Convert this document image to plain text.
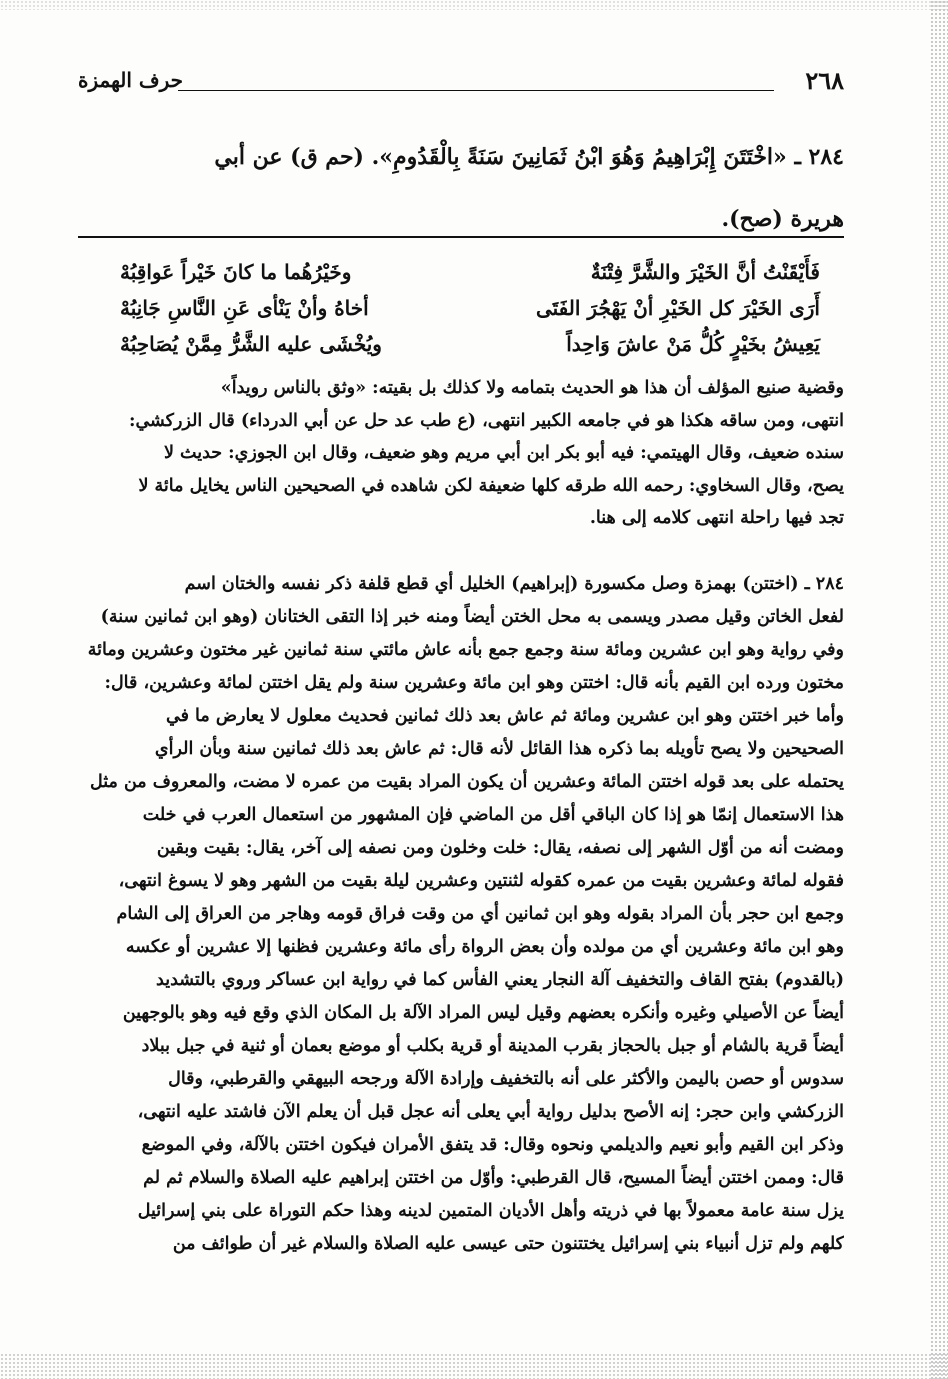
٢٦٨
حرف الهمزة
٢٨٤ ـ «اخْتَتَنَ إِبْرَاهِيمُ وَهُوَ ابْنُ ثَمَانِينَ سَنَةً بِالْقَدُومِ». (حم ق) عن أبي
هريرة (صح).
فَأَيْقَنْتُ أنَّ الخَيْرَ والشَّرَّ فِتْنَةٌ
وخَيْرُهُما ما كانَ خَيْراً عَواقِبُهْ
أَرَى الخَيْرَ كل الخَيْرِ أنْ يَهْجُرَ الفَتَى
أخاهُ وأنْ يَنْأى عَنِ النَّاسِ جَانِبُهْ
يَعِيشُ بخَيْرٍ كُلُّ مَنْ عاشَ وَاحِداً
ويُخْشَى عليه الشَّرُّ مِمَّنْ يُصَاحِبُهْ
وقضية صنيع المؤلف أن هذا هو الحديث بتمامه ولا كذلك بل بقيته: «وثق بالناس رويداً»
انتهى، ومن ساقه هكذا هو في جامعه الكبير انتهى، (ع طب عد حل عن أبي الدرداء) قال الزركشي:
سنده ضعيف، وقال الهيتمي: فيه أبو بكر ابن أبي مريم وهو ضعيف، وقال ابن الجوزي: حديث لا
يصح، وقال السخاوي: رحمه الله طرقه كلها ضعيفة لكن شاهده في الصحيحين الناس يخايل مائة لا
تجد فيها راحلة انتهى كلامه إلى هنا.
٢٨٤ ـ (اختتن) بهمزة وصل مكسورة (إبراهيم) الخليل أي قطع قلفة ذكر نفسه والختان اسم
لفعل الخاتن وقيل مصدر ويسمى به محل الختن أيضاً ومنه خبر إذا التقى الختانان (وهو ابن ثمانين سنة)
وفي رواية وهو ابن عشرين ومائة سنة وجمع جمع بأنه عاش مائتي سنة ثمانين غير مختون وعشرين ومائة
مختون ورده ابن القيم بأنه قال: اختتن وهو ابن مائة وعشرين سنة ولم يقل اختتن لمائة وعشرين، قال:
وأما خبر اختتن وهو ابن عشرين ومائة ثم عاش بعد ذلك ثمانين فحديث معلول لا يعارض ما في
الصحيحين ولا يصح تأويله بما ذكره هذا القائل لأنه قال: ثم عاش بعد ذلك ثمانين سنة وبأن الرأي
يحتمله على بعد قوله اختتن المائة وعشرين أن يكون المراد بقيت من عمره لا مضت، والمعروف من مثل
هذا الاستعمال إنمّا هو إذا كان الباقي أقل من الماضي فإن المشهور من استعمال العرب في خلت
ومضت أنه من أوّل الشهر إلى نصفه، يقال: خلت وخلون ومن نصفه إلى آخر، يقال: بقيت وبقين
فقوله لمائة وعشرين بقيت من عمره كقوله لثنتين وعشرين ليلة بقيت من الشهر وهو لا يسوغ انتهى،
وجمع ابن حجر بأن المراد بقوله وهو ابن ثمانين أي من وقت فراق قومه وهاجر من العراق إلى الشام
وهو ابن مائة وعشرين أي من مولده وأن بعض الرواة رأى مائة وعشرين فظنها إلا عشرين أو عكسه
(بالقدوم) بفتح القاف والتخفيف آلة النجار يعني الفأس كما في رواية ابن عساكر وروي بالتشديد
أيضاً عن الأصيلي وغيره وأنكره بعضهم وقيل ليس المراد الآلة بل المكان الذي وقع فيه وهو بالوجهين
أيضاً قرية بالشام أو جبل بالحجاز بقرب المدينة أو قرية بكلب أو موضع بعمان أو ثنية في جبل ببلاد
سدوس أو حصن باليمن والأكثر على أنه بالتخفيف وإرادة الآلة ورجحه البيهقي والقرطبي، وقال
الزركشي وابن حجر: إنه الأصح بدليل رواية أبي يعلى أنه عجل قبل أن يعلم الآن فاشتد عليه انتهى،
وذكر ابن القيم وأبو نعيم والديلمي ونحوه وقال: قد يتفق الأمران فيكون اختتن بالآلة، وفي الموضع
قال: وممن اختتن أيضاً المسيح، قال القرطبي: وأوّل من اختتن إبراهيم عليه الصلاة والسلام ثم لم
يزل سنة عامة معمولاً بها في ذريته وأهل الأديان المتمين لدينه وهذا حكم التوراة على بني إسرائيل
كلهم ولم تزل أنبياء بني إسرائيل يختتنون حتى عيسى عليه الصلاة والسلام غير أن طوائف من
